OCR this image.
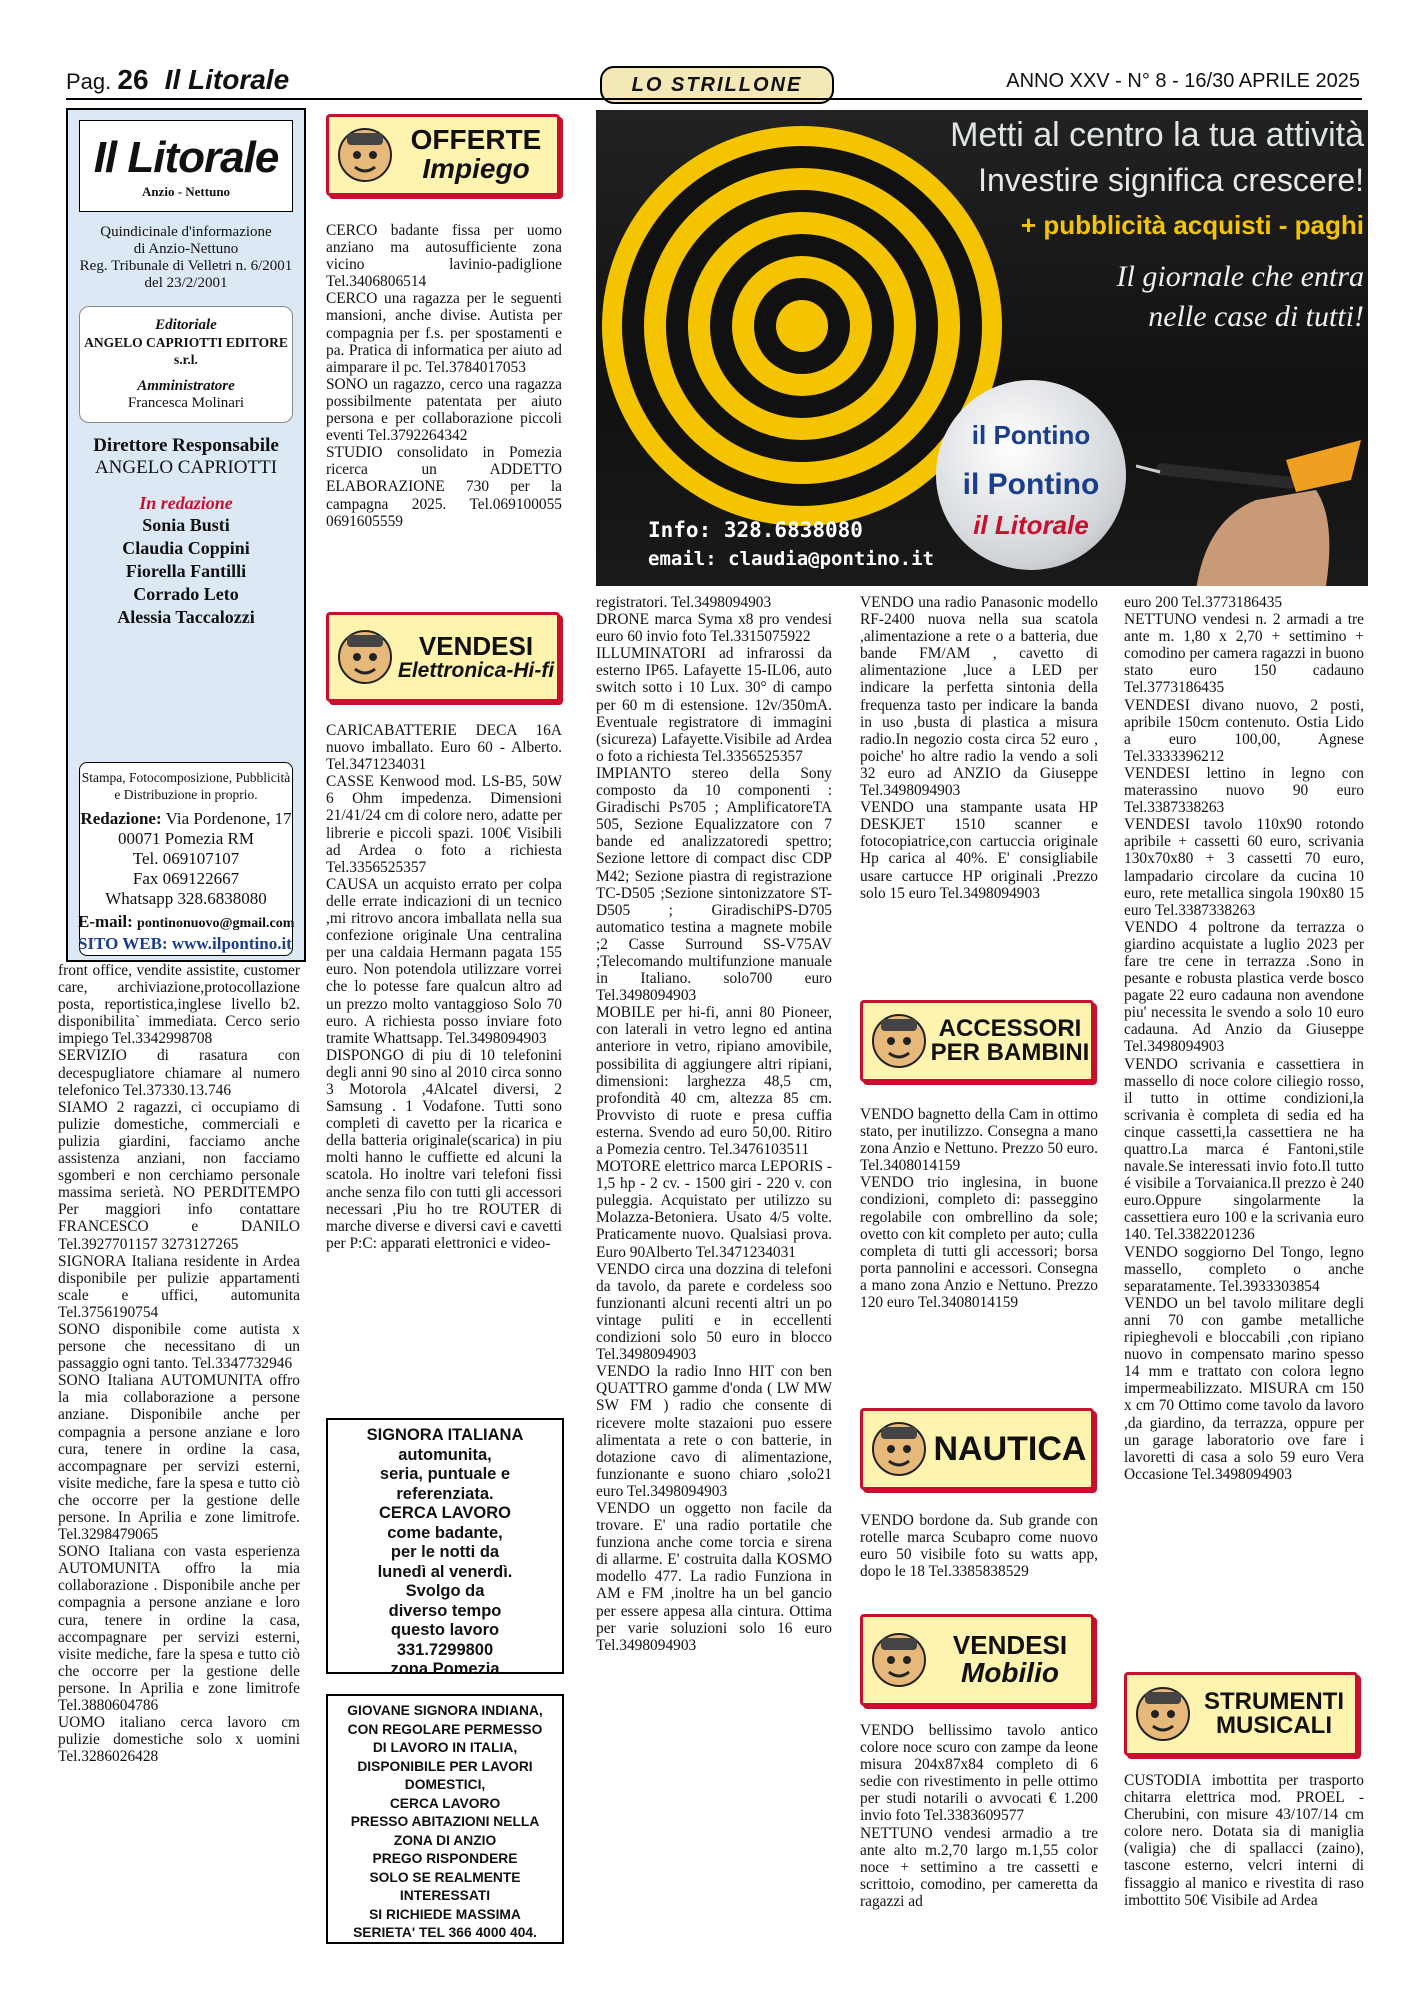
Pag. 26 Il Litorale	LO STRILLONE	ANNO XXV - N° 8 - 16/30 APRILE 2025
Il Litorale
Anzio - Nettuno
Quindicinale d'informazione
di Anzio-Nettuno
Reg. Tribunale di Velletri n. 6/2001
del 23/2/2001
Editoriale
ANGELO CAPRIOTTI EDITORE s.r.l.
Amministratore
Francesca Molinari
Direttore Responsabile
ANGELO CAPRIOTTI
In redazione
Sonia Busti
Claudia Coppini
Fiorella Fantilli
Corrado Leto
Alessia Taccalozzi
Stampa, Fotocomposizione, Pubblicità
e Distribuzione in proprio.
Redazione: Via Pordenone, 17
00071 Pomezia RM
Tel. 069107107
Fax 069122667
Whatsapp 328.6838080
E-mail: pontinonuovo@gmail.com
SITO WEB: www.ilpontino.it

front office, vendite assistite, customer care, archiviazione,protocollazione posta, reportistica,inglese livello b2. disponibilita` immediata. Cerco serio impiego Tel.3342998708

SERVIZIO di rasatura con decespugliatore chiamare al numero telefonico Tel.37330.13.746

SIAMO 2 ragazzi, ci occupiamo di pulizie domestiche, commerciali e pulizia giardini, facciamo anche assistenza anziani, non facciamo sgomberi e non cerchiamo personale massima serietà. NO PERDITEMPO Per maggiori info contattare FRANCESCO e DANILO Tel.3927701157 3273127265

SIGNORA Italiana residente in Ardea disponibile per pulizie appartamenti scale e uffici, automunita Tel.3756190754

SONO disponibile come autista x persone che necessitano di un passaggio ogni tanto. Tel.3347732946

SONO Italiana AUTOMUNITA offro la mia collaborazione a persone anziane. Disponibile anche per compagnia a persone anziane e loro cura, tenere in ordine la casa, accompagnare per servizi esterni, visite mediche, fare la spesa e tutto ciò che occorre per la gestione delle persone. In Aprilia e zone limitrofe. Tel.3298479065

SONO Italiana con vasta esperienza AUTOMUNITA offro la mia collaborazione . Disponibile anche per compagnia a persone anziane e loro cura, tenere in ordine la casa, accompagnare per servizi esterni, visite mediche, fare la spesa e tutto ciò che occorre per la gestione delle persone. In Aprilia e zone limitrofe Tel.3880604786

UOMO italiano cerca lavoro cm pulizie domestiche solo x uomini Tel.3286026428

OFFERTE
Impiego

CERCO badante fissa per uomo anziano ma autosufficiente zona vicino lavinio-padiglione Tel.3406806514

CERCO una ragazza per le seguenti mansioni, anche divise. Autista per compagnia per f.s. per spostamenti e pa. Pratica di informatica per aiuto ad aimparare il pc. Tel.3784017053

SONO un ragazzo, cerco una ragazza possibilmente patentata per aiuto persona e per collaborazione piccoli eventi Tel.3792264342

STUDIO consolidato in Pomezia ricerca un ADDETTO ELABORAZIONE 730 per la campagna 2025. Tel.069100055 0691605559

VENDESI
Elettronica-Hi-fi

CARICABATTERIE DECA 16A nuovo imballato. Euro 60 - Alberto. Tel.3471234031

CASSE Kenwood mod. LS-B5, 50W 6 Ohm impedenza. Dimensioni 21/41/24 cm di colore nero, adatte per librerie e piccoli spazi. 100€ Visibili ad Ardea o foto a richiesta Tel.3356525357

CAUSA un acquisto errato per colpa delle errate indicazioni di un tecnico ,mi ritrovo ancora imballata nella sua confezione originale Una centralina per una caldaia Hermann pagata 155 euro. Non potendola utilizzare vorrei che lo potesse fare qualcun altro ad un prezzo molto vantaggioso Solo 70 euro. A richiesta posso inviare foto tramite Whattsapp. Tel.3498094903

DISPONGO di piu di 10 telefonini degli anni 90 sino al 2010 circa sonno 3 Motorola ,4Alcatel diversi, 2 Samsung . 1 Vodafone. Tutti sono completi di cavetto per la ricarica e della batteria originale(scarica) in piu molti hanno le cuffiette ed alcuni la scatola. Ho inoltre vari telefoni fissi anche senza filo con tutti gli accessori necessari ,Piu ho tre ROUTER di marche diverse e diversi cavi e cavetti per P:C: apparati elettronici e video-

SIGNORA ITALIANA
automunita,
seria, puntuale e
referenziata.
CERCA LAVORO
come badante,
per le notti da
lunedì al venerdì.
Svolgo da
diverso tempo
questo lavoro
331.7299800
zona Pomezia
GIOVANE SIGNORA INDIANA,
CON REGOLARE PERMESSO
DI LAVORO IN ITALIA,
DISPONIBILE PER LAVORI
DOMESTICI,
CERCA LAVORO
PRESSO ABITAZIONI NELLA
ZONA DI ANZIO
PREGO RISPONDERE
SOLO SE REALMENTE
INTERESSATI
SI RICHIEDE MASSIMA
SERIETA' TEL 366 4000 404.
Metti al centro la tua attività
Investire significa crescere!
+ pubblicità acquisti - paghi
Il giornale che entra
nelle case di tutti!
il Pontino
il Pontino
il Litorale
Info: 328.6838080
email: claudia@pontino.it

registratori. Tel.3498094903

DRONE marca Syma x8 pro vendesi euro 60 invio foto Tel.3315075922

ILLUMINATORI ad infrarossi da esterno IP65. Lafayette 15-IL06, auto switch sotto i 10 Lux. 30° di campo per 60 m di estensione. 12v/350mA. Eventuale registratore di immagini (sicureza) Lafayette.Visibile ad Ardea o foto a richiesta Tel.3356525357

IMPIANTO stereo della Sony composto da 10 componenti : Giradischi Ps705 ; AmplificatoreTA 505, Sezione Equalizzatore con 7 bande ed analizzatoredi spettro; Sezione lettore di compact disc CDP M42; Sezione piastra di registrazione TC-D505 ;Sezione sintonizzatore ST-D505 ; GiradischiPS-D705 automatico testina a magnete mobile ;2 Casse Surround SS-V75AV ;Telecomando multifunzione manuale in Italiano. solo700 euro Tel.3498094903

MOBILE per hi-fi, anni 80 Pioneer, con laterali in vetro legno ed antina anteriore in vetro, ripiano amovibile, possibilita di aggiungere altri ripiani, dimensioni: larghezza 48,5 cm, profondità 40 cm, altezza 85 cm. Provvisto di ruote e presa cuffia esterna. Svendo ad euro 50,00. Ritiro a Pomezia centro. Tel.3476103511

MOTORE elettrico marca LEPORIS - 1,5 hp - 2 cv. - 1500 giri - 220 v. con puleggia. Acquistato per utilizzo su Molazza-Betoniera. Usato 4/5 volte. Praticamente nuovo. Qualsiasi prova. Euro 90Alberto Tel.3471234031

VENDO circa una dozzina di telefoni da tavolo, da parete e cordeless soo funzionanti alcuni recenti altri un po vintage puliti e in eccellenti condizioni solo 50 euro in blocco Tel.3498094903

VENDO la radio Inno HIT con ben QUATTRO gamme d'onda ( LW MW SW FM ) radio che consente di ricevere molte stazaioni puo essere alimentata a rete o con batterie, in dotazione cavo di alimentazione, funzionante e suono chiaro ,solo21 euro Tel.3498094903

VENDO un oggetto non facile da trovare. E' una radio portatile che funziona anche come torcia e sirena di allarme. E' costruita dalla KOSMO modello 477. La radio Funziona in AM e FM ,inoltre ha un bel gancio per essere appesa alla cintura. Ottima per varie soluzioni solo 16 euro Tel.3498094903

VENDO una radio Panasonic modello RF-2400 nuova nella sua scatola ,alimentazione a rete o a batteria, due bande FM/AM , cavetto di alimentazione ,luce a LED per indicare la perfetta sintonia della frequenza tasto per indicare la banda in uso ,busta di plastica a misura radio.In negozio costa circa 52 euro , poiche' ho altre radio la vendo a soli 32 euro ad ANZIO da Giuseppe Tel.3498094903

VENDO una stampante usata HP DESKJET 1510 scanner e fotocopiatrice,con cartuccia originale Hp carica al 40%. E' consigliabile usare cartucce HP originali .Prezzo solo 15 euro Tel.3498094903

ACCESSORI
PER BAMBINI

VENDO bagnetto della Cam in ottimo stato, per inutilizzo. Consegna a mano zona Anzio e Nettuno. Prezzo 50 euro. Tel.3408014159

VENDO trio inglesina, in buone condizioni, completo di: passeggino regolabile con ombrellino da sole; ovetto con kit completo per auto; culla completa di tutti gli accessori; borsa porta pannolini e accessori. Consegna a mano zona Anzio e Nettuno. Prezzo 120 euro Tel.3408014159

NAUTICA

VENDO bordone da. Sub grande con rotelle marca Scubapro come nuovo euro 50 visibile foto su watts app, dopo le 18 Tel.3385838529

VENDESI
Mobilio

VENDO bellissimo tavolo antico colore noce scuro con zampe da leone misura 204x87x84 completo di 6 sedie con rivestimento in pelle ottimo per studi notarili o avvocati € 1.200 invio foto Tel.3383609577

NETTUNO vendesi armadio a tre ante alto m.2,70 largo m.1,55 color noce + settimino a tre cassetti e scrittoio, comodino, per cameretta da ragazzi ad

euro 200 Tel.3773186435

NETTUNO vendesi n. 2 armadi a tre ante m. 1,80 x 2,70 + settimino + comodino per camera ragazzi in buono stato euro 150 cadauno Tel.3773186435

VENDESI divano nuovo, 2 posti, apribile 150cm contenuto. Ostia Lido a euro 100,00, Agnese Tel.3333396212

VENDESI lettino in legno con materassino nuovo 90 euro Tel.3387338263

VENDESI tavolo 110x90 rotondo apribile + cassetti 60 euro, scrivania 130x70x80 + 3 cassetti 70 euro, lampadario circolare da cucina 10 euro, rete metallica singola 190x80 15 euro Tel.3387338263

VENDO 4 poltrone da terrazza o giardino acquistate a luglio 2023 per fare tre cene in terrazza .Sono in pesante e robusta plastica verde bosco pagate 22 euro cadauna non avendone piu' necessita le svendo a solo 10 euro cadauna. Ad Anzio da Giuseppe Tel.3498094903

VENDO scrivania e cassettiera in massello di noce colore ciliegio rosso, il tutto in ottime condizioni,la scrivania è completa di sedia ed ha cinque cassetti,la cassettiera ne ha quattro.La marca é Fantoni,stile navale.Se interessati invio foto.Il tutto é visibile a Torvaianica.Il prezzo è 240 euro.Oppure singolarmente la cassettiera euro 100 e la scrivania euro 140. Tel.3382201236

VENDO soggiorno Del Tongo, legno massello, completo o anche separatamente. Tel.3933303854

VENDO un bel tavolo militare degli anni 70 con gambe metalliche ripieghevoli e bloccabili ,con ripiano nuovo in compensato marino spesso 14 mm e trattato con colora legno impermeabilizzato. MISURA cm 150 x cm 70 Ottimo come tavolo da lavoro ,da giardino, da terrazza, oppure per un garage laboratorio ove fare i lavoretti di casa a solo 59 euro Vera Occasione Tel.3498094903

STRUMENTI
MUSICALI

CUSTODIA imbottita per trasporto chitarra elettrica mod. PROEL - Cherubini, con misure 43/107/14 cm colore nero. Dotata sia di maniglia (valigia) che di spallacci (zaino), tascone esterno, velcri interni di fissaggio al manico e rivestita di raso imbottito 50€ Visibile ad Ardea
